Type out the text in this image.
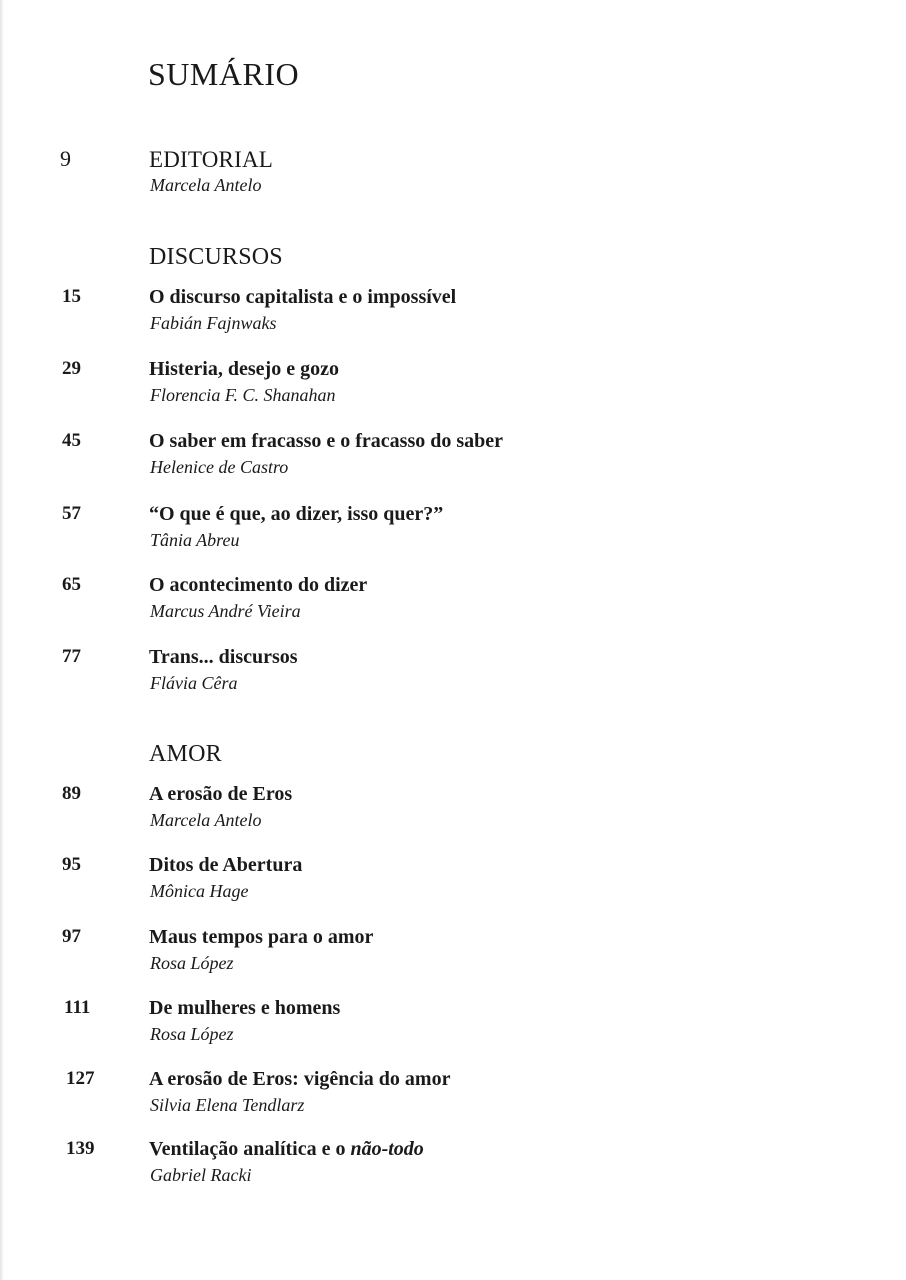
SUMÁRIO
9	EDITORIAL
Marcela Antelo
DISCURSOS
15	O discurso capitalista e o impossível
Fabián Fajnwaks
29	Histeria, desejo e gozo
Florencia F. C. Shanahan
45	O saber em fracasso e o fracasso do saber
Helenice de Castro
57	“O que é que, ao dizer, isso quer?”
Tânia Abreu
65	O acontecimento do dizer
Marcus André Vieira
77	Trans... discursos
Flávia Cêra
AMOR
89	A erosão de Eros
Marcela Antelo
95	Ditos de Abertura
Mônica Hage
97	Maus tempos para o amor
Rosa López
111	De mulheres e homens
Rosa López
127	A erosão de Eros: vigência do amor
Silvia Elena Tendlarz
139	Ventilação analítica e o não-todo
Gabriel Racki
